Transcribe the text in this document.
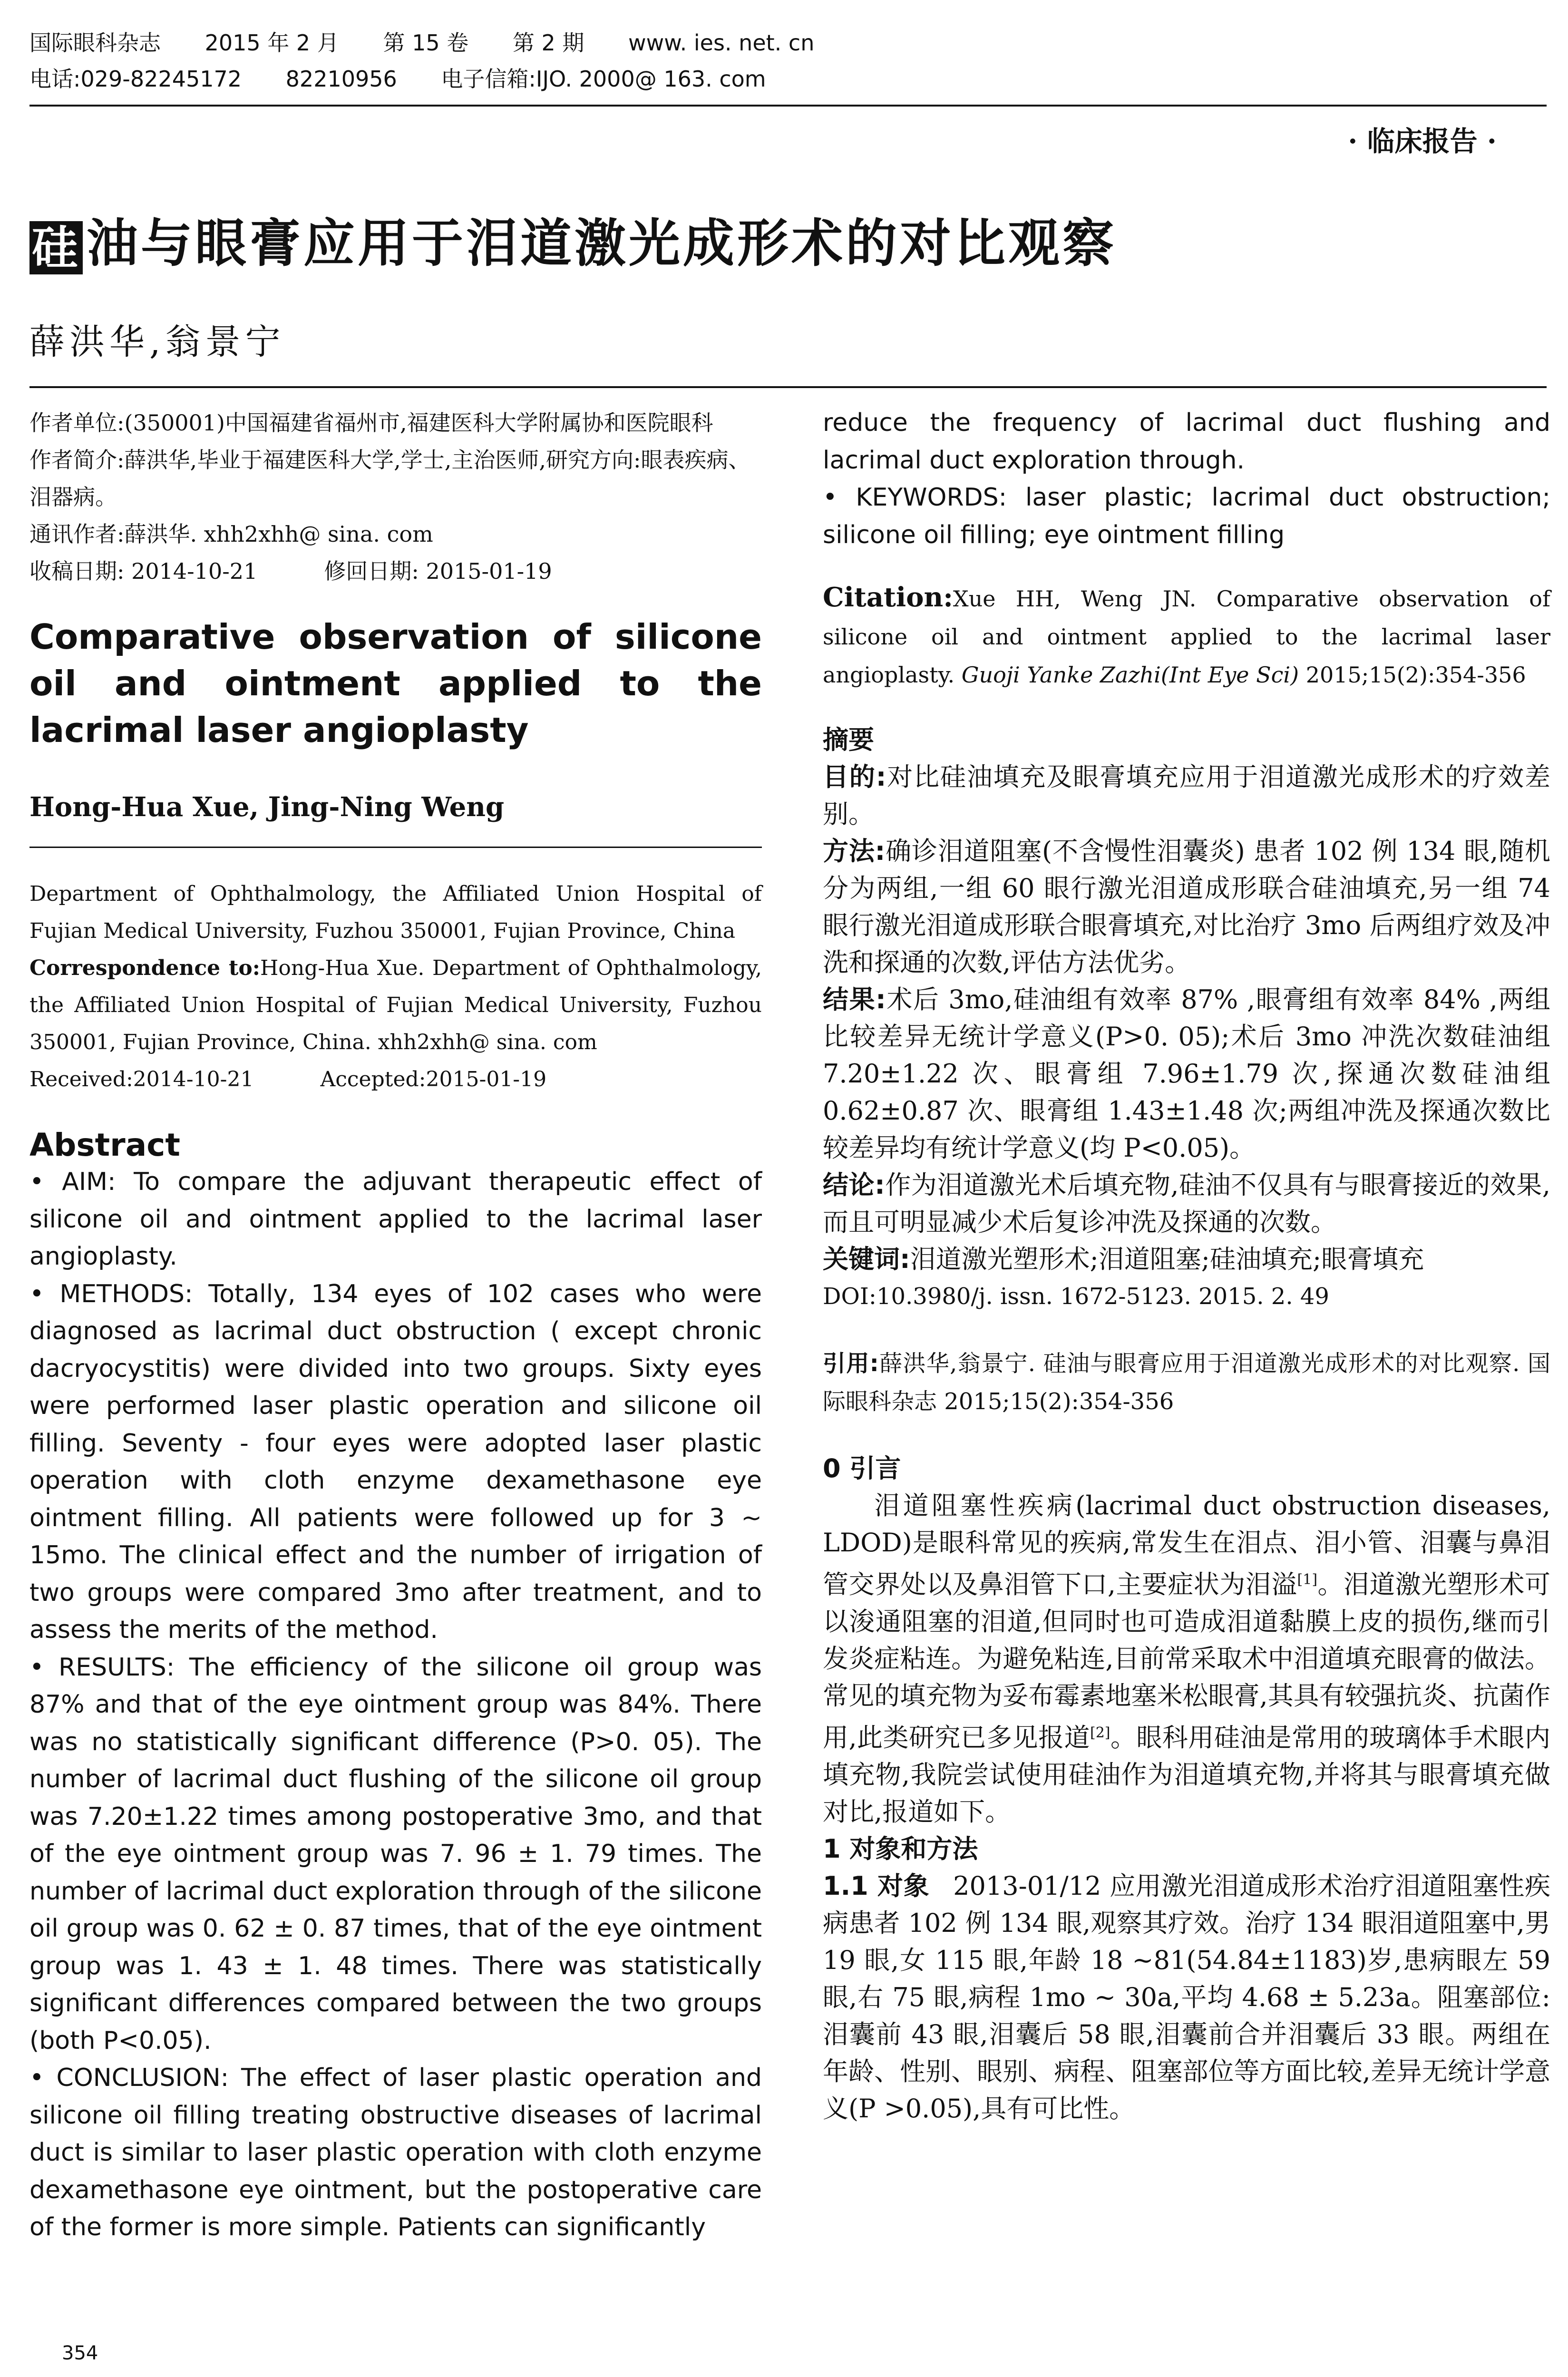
国际眼科杂志 2015 年 2 月 第 15 卷 第 2 期 www. ies. net. cn
电话:029-82245172 82210956 电子信箱:IJO. 2000@ 163. com
· 临床报告 ·
硅 油与眼膏应用于泪道激光成形术的对比观察
薛洪华,翁景宁

作者单位:(350001)中国福建省福州市,福建医科大学附属协和医院眼科

作者简介:薛洪华,毕业于福建医科大学,学士,主治医师,研究方向:眼表疾病、泪器病。

通讯作者:薛洪华. xhh2xhh@ sina. com

收稿日期: 2014-10-21	修回日期: 2015-01-19

Comparative observation of silicone oil and ointment applied to the lacrimal laser angioplasty
Hong-Hua Xue, Jing-Ning Weng

Department of Ophthalmology, the Affiliated Union Hospital of Fujian Medical University, Fuzhou 350001, Fujian Province, China

Correspondence to:Hong-Hua Xue. Department of Ophthalmology, the Affiliated Union Hospital of Fujian Medical University, Fuzhou 350001, Fujian Province, China. xhh2xhh@ sina. com

Received:2014-10-21	Accepted:2015-01-19

Abstract

• AIM: To compare the adjuvant therapeutic effect of silicone oil and ointment applied to the lacrimal laser angioplasty.

• METHODS: Totally, 134 eyes of 102 cases who were diagnosed as lacrimal duct obstruction ( except chronic dacryocystitis) were divided into two groups. Sixty eyes were performed laser plastic operation and silicone oil filling. Seventy - four eyes were adopted laser plastic operation with cloth enzyme dexamethasone eye ointment filling. All patients were followed up for 3 ~ 15mo. The clinical effect and the number of irrigation of two groups were compared 3mo after treatment, and to assess the merits of the method.

• RESULTS: The efficiency of the silicone oil group was 87% and that of the eye ointment group was 84%. There was no statistically significant difference (P>0. 05). The number of lacrimal duct flushing of the silicone oil group was 7.20±1.22 times among postoperative 3mo, and that of the eye ointment group was 7. 96 ± 1. 79 times. The number of lacrimal duct exploration through of the silicone oil group was 0. 62 ± 0. 87 times, that of the eye ointment group was 1. 43 ± 1. 48 times. There was statistically significant differences compared between the two groups (both P<0.05).

• CONCLUSION: The effect of laser plastic operation and silicone oil filling treating obstructive diseases of lacrimal duct is similar to laser plastic operation with cloth enzyme dexamethasone eye ointment, but the postoperative care of the former is more simple. Patients can significantly

reduce the frequency of lacrimal duct flushing and lacrimal duct exploration through.

• KEYWORDS: laser plastic; lacrimal duct obstruction; silicone oil filling; eye ointment filling

Citation:Xue HH, Weng JN. Comparative observation of silicone oil and ointment applied to the lacrimal laser angioplasty. Guoji Yanke Zazhi(Int Eye Sci) 2015;15(2):354-356

摘要

目的:对比硅油填充及眼膏填充应用于泪道激光成形术的疗效差别。

方法:确诊泪道阻塞(不含慢性泪囊炎) 患者 102 例 134 眼,随机分为两组,一组 60 眼行激光泪道成形联合硅油填充,另一组 74 眼行激光泪道成形联合眼膏填充,对比治疗 3mo 后两组疗效及冲洗和探通的次数,评估方法优劣。

结果:术后 3mo,硅油组有效率 87% ,眼膏组有效率 84% ,两组比较差异无统计学意义(P>0. 05);术后 3mo 冲洗次数硅油组 7.20±1.22 次、眼膏组 7.96±1.79 次,探通次数硅油组 0.62±0.87 次、眼膏组 1.43±1.48 次;两组冲洗及探通次数比较差异均有统计学意义(均 P<0.05)。

结论:作为泪道激光术后填充物,硅油不仅具有与眼膏接近的效果,而且可明显减少术后复诊冲洗及探通的次数。

关键词:泪道激光塑形术;泪道阻塞;硅油填充;眼膏填充

DOI:10.3980/j. issn. 1672-5123. 2015. 2. 49

引用:薛洪华,翁景宁. 硅油与眼膏应用于泪道激光成形术的对比观察. 国际眼科杂志 2015;15(2):354-356

0 引言

泪道阻塞性疾病(lacrimal duct obstruction diseases, LDOD)是眼科常见的疾病,常发生在泪点、泪小管、泪囊与鼻泪管交界处以及鼻泪管下口,主要症状为泪溢[1]。泪道激光塑形术可以浚通阻塞的泪道,但同时也可造成泪道黏膜上皮的损伤,继而引发炎症粘连。为避免粘连,目前常采取术中泪道填充眼膏的做法。常见的填充物为妥布霉素地塞米松眼膏,其具有较强抗炎、抗菌作用,此类研究已多见报道[2]。眼科用硅油是常用的玻璃体手术眼内填充物,我院尝试使用硅油作为泪道填充物,并将其与眼膏填充做对比,报道如下。

1 对象和方法

1.1 对象 2013-01/12 应用激光泪道成形术治疗泪道阻塞性疾病患者 102 例 134 眼,观察其疗效。治疗 134 眼泪道阻塞中,男 19 眼,女 115 眼,年龄 18 ~81(54.84±1183)岁,患病眼左 59 眼,右 75 眼,病程 1mo ~ 30a,平均 4.68 ± 5.23a。阻塞部位:泪囊前 43 眼,泪囊后 58 眼,泪囊前合并泪囊后 33 眼。两组在年龄、性别、眼别、病程、阻塞部位等方面比较,差异无统计学意义(P >0.05),具有可比性。

354
